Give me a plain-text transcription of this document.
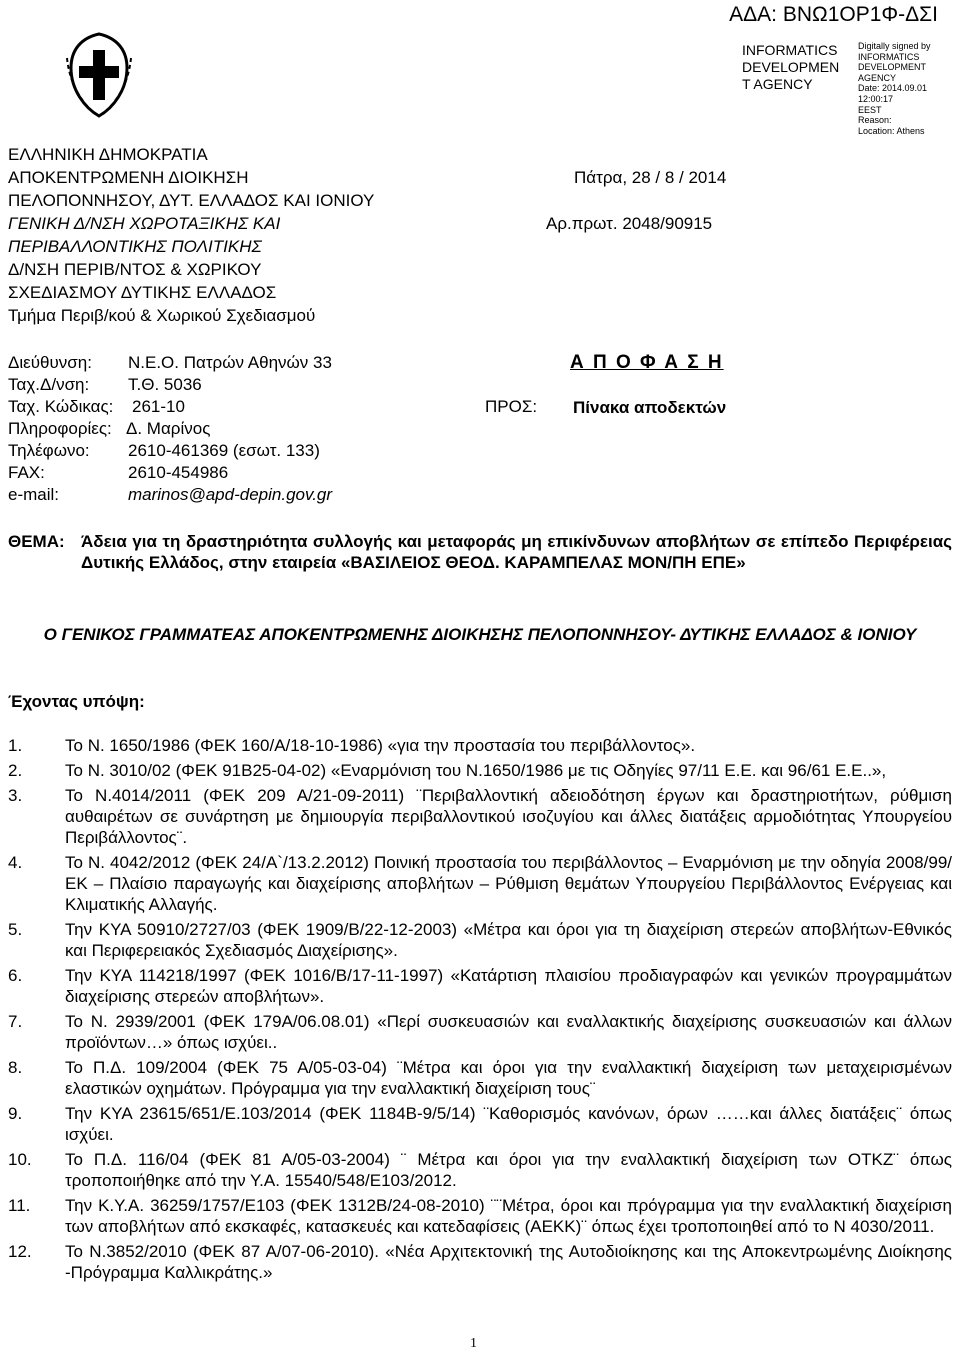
ΑΔΑ: ΒΝΩ1ΟΡ1Φ-ΔΣΙ
INFORMATICS DEVELOPMEN T AGENCY
Digitally signed by
INFORMATICS
DEVELOPMENT AGENCY
Date: 2014.09.01 12:00:17
EEST
Reason:
Location: Athens
ΕΛΛΗΝΙΚΗ ΔΗΜΟΚΡΑΤΙΑ
ΑΠΟΚΕΝΤΡΩΜΕΝΗ ΔΙΟΙΚΗΣΗ
ΠΕΛΟΠΟΝΝΗΣΟΥ, ΔΥΤ. ΕΛΛΑΔΟΣ ΚΑΙ ΙΟΝΙΟΥ
ΓΕΝΙΚΗ Δ/ΝΣΗ ΧΩΡΟΤΑΞΙΚΗΣ ΚΑΙ
ΠΕΡΙΒΑΛΛΟΝΤΙΚΗΣ ΠΟΛΙΤΙΚΗΣ
Δ/ΝΣΗ ΠΕΡΙΒ/ΝΤΟΣ & ΧΩΡΙΚΟΥ
ΣΧΕΔΙΑΣΜΟΥ ΔΥΤΙΚΗΣ ΕΛΛΑΔΟΣ
Τμήμα Περιβ/κού & Χωρικού Σχεδιασμού
Πάτρα, 28 / 8 / 2014
Αρ.πρωτ. 2048/90915
Διεύθυνση: Ν.Ε.Ο. Πατρών Αθηνών 33
Ταχ.Δ/νση: Τ.Θ. 5036
Ταχ. Κώδικας: 261-10
Πληροφορίες: Δ. Μαρίνος
Τηλέφωνο: 2610-461369 (εσωτ. 133)
FAX:	2610-454986
e-mail:	marinos@apd-depin.gov.gr
Α Π Ο Φ Α Σ Η
ΠΡΟΣ: Πίνακα αποδεκτών
ΘΕΜΑ: Άδεια για τη δραστηριότητα συλλογής και μεταφοράς μη επικίνδυνων αποβλήτων σε επίπεδο Περιφέρειας Δυτικής Ελλάδος, στην εταιρεία «ΒΑΣΙΛΕΙΟΣ ΘΕΟΔ. ΚΑΡΑΜΠΕΛΑΣ ΜΟΝ/ΠΗ ΕΠΕ»
Ο ΓΕΝΙΚΟΣ ΓΡΑΜΜΑΤΕΑΣ ΑΠΟΚΕΝΤΡΩΜΕΝΗΣ ΔΙΟΙΚΗΣΗΣ ΠΕΛΟΠΟΝΝΗΣΟΥ- ΔΥΤΙΚΗΣ ΕΛΛΑΔΟΣ & ΙΟΝΙΟΥ
Έχοντας υπόψη:
1.	Το Ν. 1650/1986 (ΦΕΚ 160/Α/18-10-1986) «για την προστασία του περιβάλλοντος».
2.	Το Ν. 3010/02 (ΦΕΚ 91Β25-04-02) «Εναρμόνιση του Ν.1650/1986 με τις Οδηγίες 97/11 Ε.Ε. και 96/61 Ε.Ε..»,
3.	Το Ν.4014/2011 (ΦΕΚ 209 Α/21-09-2011) ¨Περιβαλλοντική αδειοδότηση έργων και δραστηριοτήτων, ρύθμιση αυθαιρέτων σε συνάρτηση με δημιουργία περιβαλλοντικού ισοζυγίου και άλλες διατάξεις αρμοδιότητας Υπουργείου Περιβάλλοντος¨.
4.	Το Ν. 4042/2012 (ΦΕΚ 24/Α`/13.2.2012) Ποινική προστασία του περιβάλλοντος – Εναρμόνιση με την οδηγία 2008/99/ΕΚ – Πλαίσιο παραγωγής και διαχείρισης αποβλήτων – Ρύθμιση θεμάτων Υπουργείου Περιβάλλοντος Ενέργειας και Κλιματικής Αλλαγής.
5.	Την ΚΥΑ 50910/2727/03 (ΦΕΚ 1909/Β/22-12-2003) «Μέτρα και όροι για τη διαχείριση στερεών αποβλήτων-Εθνικός και Περιφερειακός Σχεδιασμός Διαχείρισης».
6.	Την ΚΥΑ 114218/1997 (ΦΕΚ 1016/Β/17-11-1997) «Κατάρτιση πλαισίου προδιαγραφών και γενικών προγραμμάτων διαχείρισης στερεών αποβλήτων».
7.	Το Ν. 2939/2001 (ΦΕΚ 179Α/06.08.01) «Περί συσκευασιών και εναλλακτικής διαχείρισης συσκευασιών και άλλων προϊόντων…» όπως ισχύει..
8.	Το Π.Δ. 109/2004 (ΦΕΚ 75 Α/05-03-04) ¨Μέτρα και όροι για την εναλλακτική διαχείριση των μεταχειρισμένων ελαστικών οχημάτων. Πρόγραμμα για την εναλλακτική διαχείριση τους¨
9.	Την ΚΥΑ 23615/651/Ε.103/2014 (ΦΕΚ 1184Β-9/5/14) ¨Καθορισμός κανόνων, όρων ……και άλλες διατάξεις¨ όπως ισχύει.
10. Το Π.Δ. 116/04 (ΦΕΚ 81 Α/05-03-2004) ¨ Μέτρα και όροι για την εναλλακτική διαχείριση των ΟΤΚΖ¨ όπως τροποποιήθηκε από την Υ.Α. 15540/548/Ε103/2012.
11. Την Κ.Υ.Α. 36259/1757/Ε103 (ΦΕΚ 1312Β/24-08-2010) ¨¨Μέτρα, όροι και πρόγραμμα για την εναλλακτική διαχείριση των αποβλήτων από εκσκαφές, κατασκευές και κατεδαφίσεις (ΑΕΚΚ)¨ όπως έχει τροποποιηθεί από το Ν 4030/2011.
12. Το Ν.3852/2010 (ΦΕΚ 87 Α/07-06-2010). «Νέα Αρχιτεκτονική της Αυτοδιοίκησης και της Αποκεντρωμένης Διοίκησης -Πρόγραμμα Καλλικράτης.»
1
